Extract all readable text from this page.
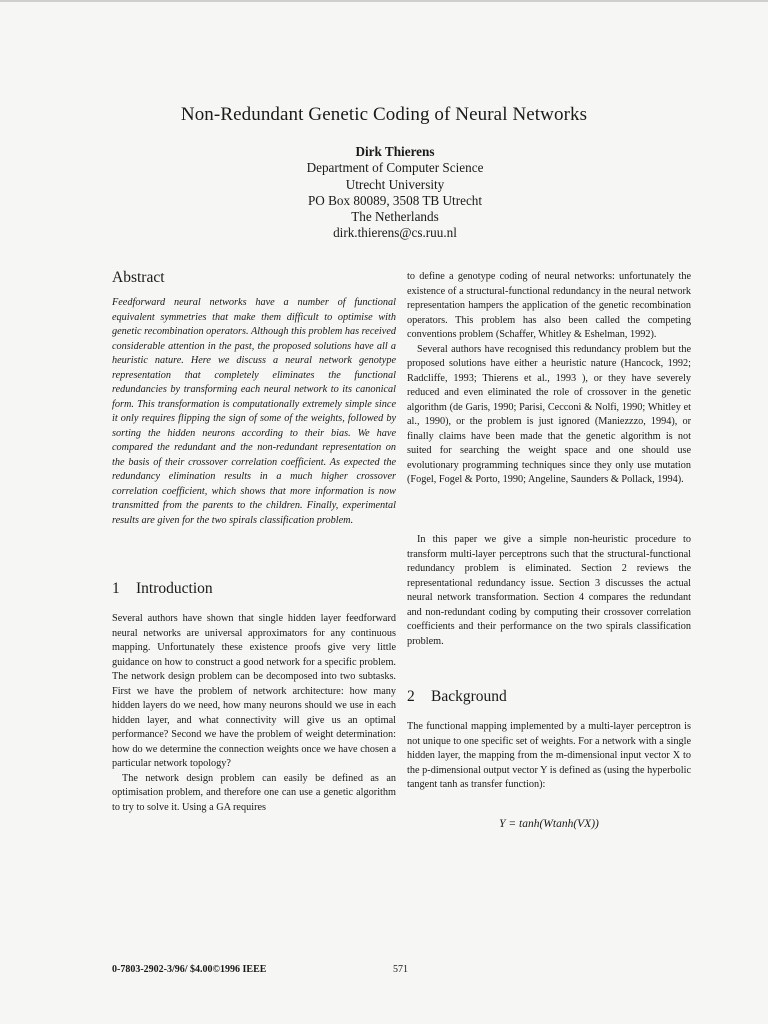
Non-Redundant Genetic Coding of Neural Networks
Dirk Thierens
Department of Computer Science
Utrecht University
PO Box 80089, 3508 TB Utrecht
The Netherlands
dirk.thierens@cs.ruu.nl
Abstract

Feedforward neural networks have a number of functional equivalent symmetries that make them difficult to optimise with genetic recombination operators. Although this problem has received considerable attention in the past, the proposed solutions have all a heuristic nature. Here we discuss a neural network genotype representation that completely eliminates the functional redundancies by transforming each neural network to its canonical form. This transformation is computationally extremely simple since it only requires flipping the sign of some of the weights, followed by sorting the hidden neurons according to their bias. We have compared the redundant and the non-redundant representation on the basis of their crossover correlation coefficient. As expected the redundancy elimination results in a much higher crossover correlation coefficient, which shows that more information is now transmitted from the parents to the children. Finally, experimental results are given for the two spirals classification problem.

1 Introduction

Several authors have shown that single hidden layer feedforward neural networks are universal approximators for any continuous mapping. Unfortunately these existence proofs give very little guidance on how to construct a good network for a specific problem. The network design problem can be decomposed into two subtasks. First we have the problem of network architecture: how many hidden layers do we need, how many neurons should we use in each hidden layer, and what connectivity will give us an optimal performance? Second we have the problem of weight determination: how do we determine the connection weights once we have chosen a particular network topology?

The network design problem can easily be defined as an optimisation problem, and therefore one can use a genetic algorithm to try to solve it. Using a GA requires

to define a genotype coding of neural networks: unfortunately the existence of a structural-functional redundancy in the neural network representation hampers the application of the genetic recombination operators. This problem has also been called the competing conventions problem (Schaffer, Whitley & Eshelman, 1992).

Several authors have recognised this redundancy problem but the proposed solutions have either a heuristic nature (Hancock, 1992; Radcliffe, 1993; Thierens et al., 1993 ), or they have severely reduced and even eliminated the role of crossover in the genetic algorithm (de Garis, 1990; Parisi, Cecconi & Nolfi, 1990; Whitley et al., 1990), or the problem is just ignored (Maniezzzo, 1994), or finally claims have been made that the genetic algorithm is not suited for searching the weight space and one should use evolutionary programming techniques since they only use mutation (Fogel, Fogel & Porto, 1990; Angeline, Saunders & Pollack, 1994).

In this paper we give a simple non-heuristic procedure to transform multi-layer perceptrons such that the structural-functional redundancy problem is eliminated. Section 2 reviews the representational redundancy issue. Section 3 discusses the actual neural network transformation. Section 4 compares the redundant and non-redundant coding by computing their crossover correlation coefficients and their performance on the two spirals classification problem.

2 Background

The functional mapping implemented by a multi-layer perceptron is not unique to one specific set of weights. For a network with a single hidden layer, the mapping from the m-dimensional input vector X to the p-dimensional output vector Y is defined as (using the hyperbolic tangent tanh as transfer function):

Y = tanh(Wtanh(VX))
0-7803-2902-3/96/ $4.00©1996 IEEE	571
